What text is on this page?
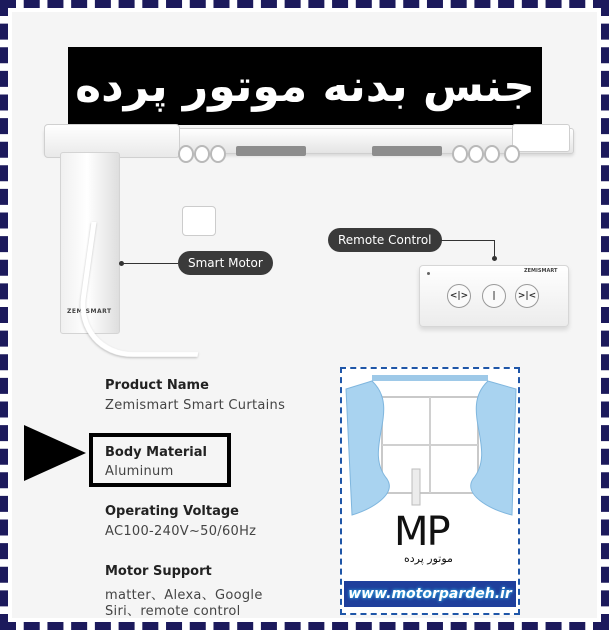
جنس بدنه موتور پرده
ZEMISMART
Smart Motor
Remote Control
ZEMISMART
<|>	|	>|<
Product Name
Zemismart Smart Curtains
Body Material
Aluminum
Operating Voltage
AC100-240V~50/60Hz
Motor Support
matter、Alexa、Google
Siri、remote control
MP
موتور پرده
www.motorpardeh.ir
